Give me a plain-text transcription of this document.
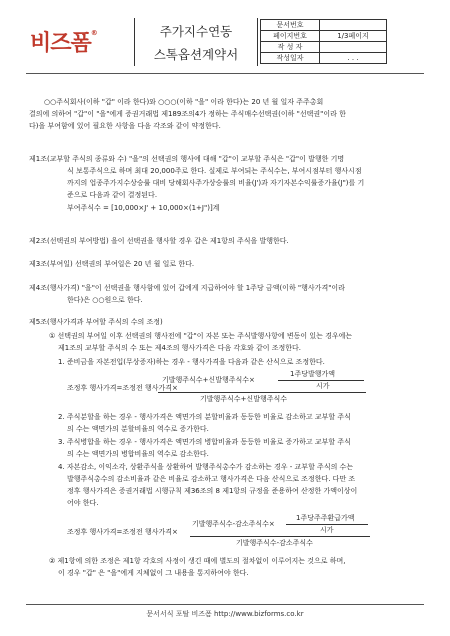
비즈폼®	주가지수연동
스톡옵션계약서
문서번호	
페이지번호	1/3페이지
작 성 자	
작성일자	. . .
○○주식회사(이하 "갑" 이라 한다)와 ○○○(이하 "을" 이라 한다)는 20 년 월 일자 주주총회
결의에 의하여 "갑"이 "을"에게 증권거래법 제189조의4가 정하는 주식매수선택권(이하 "선택권"이라 한
다)을 부여함에 있어 필요한 사항을 다음 각조와 같이 약정한다.
제1조(교부할 주식의 종류와 수) "을"의 선택권의 행사에 대해 "갑"이 교부할 주식은 "갑"이 발행한 기명
식 보통주식으로 하며 최대 20,000주로 한다. 실제로 부여되는 주식수는, 부여시점부터 행사시점
까지의 업종주가지수상승률 대비 당해회사주가상승률의 비율(J')과 자기자본수익률증가율(J")를 기
준으로 다음과 같이 결정된다.
부여주식수 = [10,000×J' + 10,000×(1+J")]계
제2조(선택권의 부여방법) 을이 선택권을 행사할 경우 갑은 제1항의 주식을 발행한다.
제3조(부여일) 선택권의 부여일은 20 년 월 일로 한다.
제4조(행사가격) "을"이 선택권을 행사함에 있어 갑에게 지급하여야 할 1주당 금액(이하 "행사가격"이라
한다)은 ○○원으로 한다.
제5조(행사가격과 부여할 주식의 수의 조정)
① 선택권의 부여일 이후 선택권의 행사전에 "갑"이 자본 또는 주식발행사항에 변동이 있는 경우에는
제1조의 교부할 주식의 수 또는 제4조의 행사가격은 다음 각호와 같이 조정한다.
1. 준비금을 자본전입(무상증자)하는 경우 - 행사가격을 다음과 같은 산식으로 조정한다.
1주당발행가액
기발행주식수+신발행주식수×
시가
조정후 행사가격=조정전 행사가격×
기발행주식수+신발행주식수
2. 주식분할을 하는 경우 - 행사가격은 액면가의 분할비율과 동등한 비율로 감소하고 교부할 주식
의 수는 액면가의 분할비율의 역수로 증가한다.
3. 주식병합을 하는 경우 - 행사가격은 액면가의 병합비율과 동등한 비율로 증가하고 교부할 주식
의 수는 액면가의 병합비율의 역수로 감소한다.
4. 자본감소, 이익소각, 상환주식을 상환하여 발행주식총수가 감소하는 경우 - 교부할 주식의 수는
발행주식총수의 감소비율과 같은 비율로 감소하고 행사가격은 다음 산식으로 조정한다. 다만 조
정후 행사가격은 증권거래법 시행규칙 제36조의 8 제1항의 규정을 준용하여 산정한 가액이상이
어야 한다.
1주당주주환급가액
기발행주식수-감소주식수×
시가
조정후 행사가격=조정전 행사가격×
기발행주식수-감소주식수
② 제1항에 의한 조정은 제1항 각호의 사정이 생긴 때에 별도의 절차없이 이루어지는 것으로 하며,
이 경우 "갑" 은 "을"에게 지체없이 그 내용을 통지하여야 한다.
문서서식 포탈 비즈폼 http://www.bizforms.co.kr
